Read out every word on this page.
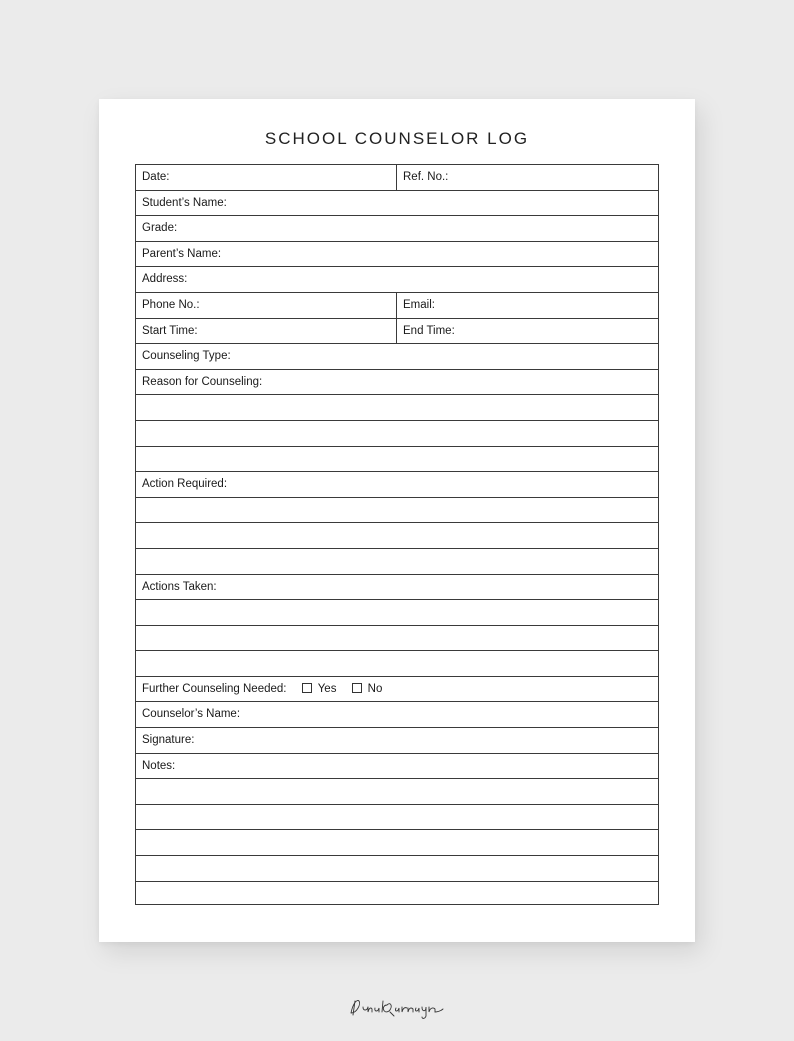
SCHOOL COUNSELOR LOG
Date:	Ref. No.:
Student’s Name:
Grade:
Parent’s Name:
Address:
Phone No.:	Email:
Start Time:	End Time:
Counseling Type:
Reason for Counseling:
Action Required:
Actions Taken:
Further Counseling Needed:	Yes	No
Counselor’s Name:
Signature:
Notes:
